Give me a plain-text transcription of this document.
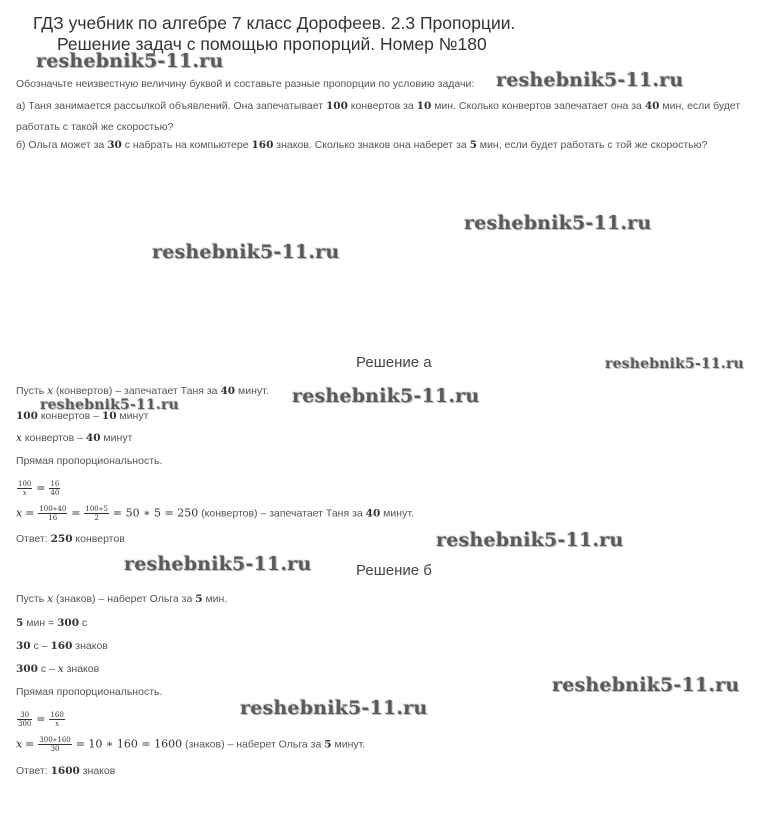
ГДЗ учебник по алгебре 7 класс Дорофеев. 2.3 Пропорции.
Решение задач с помощью пропорций. Номер №180
Обозначьте неизвестную величину буквой и составьте разные пропорции по условию задачи:
а) Таня занимается рассылкой объявлений. Она запечатывает 100 конвертов за 10 мин. Сколько конвертов запечатает она за 40 мин, если будет работать с такой же скоростью?
б) Ольга может за 30 с набрать на компьютере 160 знаков. Сколько знаков она наберет за 5 мин, если будет работать с той же скоростью?
Решение а
Пусть x (конвертов) – запечатает Таня за 40 минут.
100 конвертов – 10 минут
x конвертов – 40 минут
Прямая пропорциональность.
$\frac{100}{x} = \frac{16}{40}$
$x = \frac{100∗40}{16} = \frac{100∗5}{2} = 50$ ∗ 5 = 250 (конвертов) – запечатает Таня за 40 минут.
Ответ: 250 конвертов
Решение б
Пусть x (знаков) – наберет Ольга за 5 мин.
5 мин = 300 с
30 с – 160 знаков
300 с – x знаков
Прямая пропорциональность.
$\frac{30}{300} = \frac{160}{x}$
$x = \frac{300∗160}{30} = 10$ ∗ 160 = 1600 (знаков) – наберет Ольга за 5 минут.
Ответ: 1600 знаков
reshebnik5-11.ru
reshebnik5-11.ru
reshebnik5-11.ru
reshebnik5-11.ru
reshebnik5-11.ru
reshebnik5-11.ru
reshebnik5-11.ru
reshebnik5-11.ru
reshebnik5-11.ru
reshebnik5-11.ru
reshebnik5-11.ru
